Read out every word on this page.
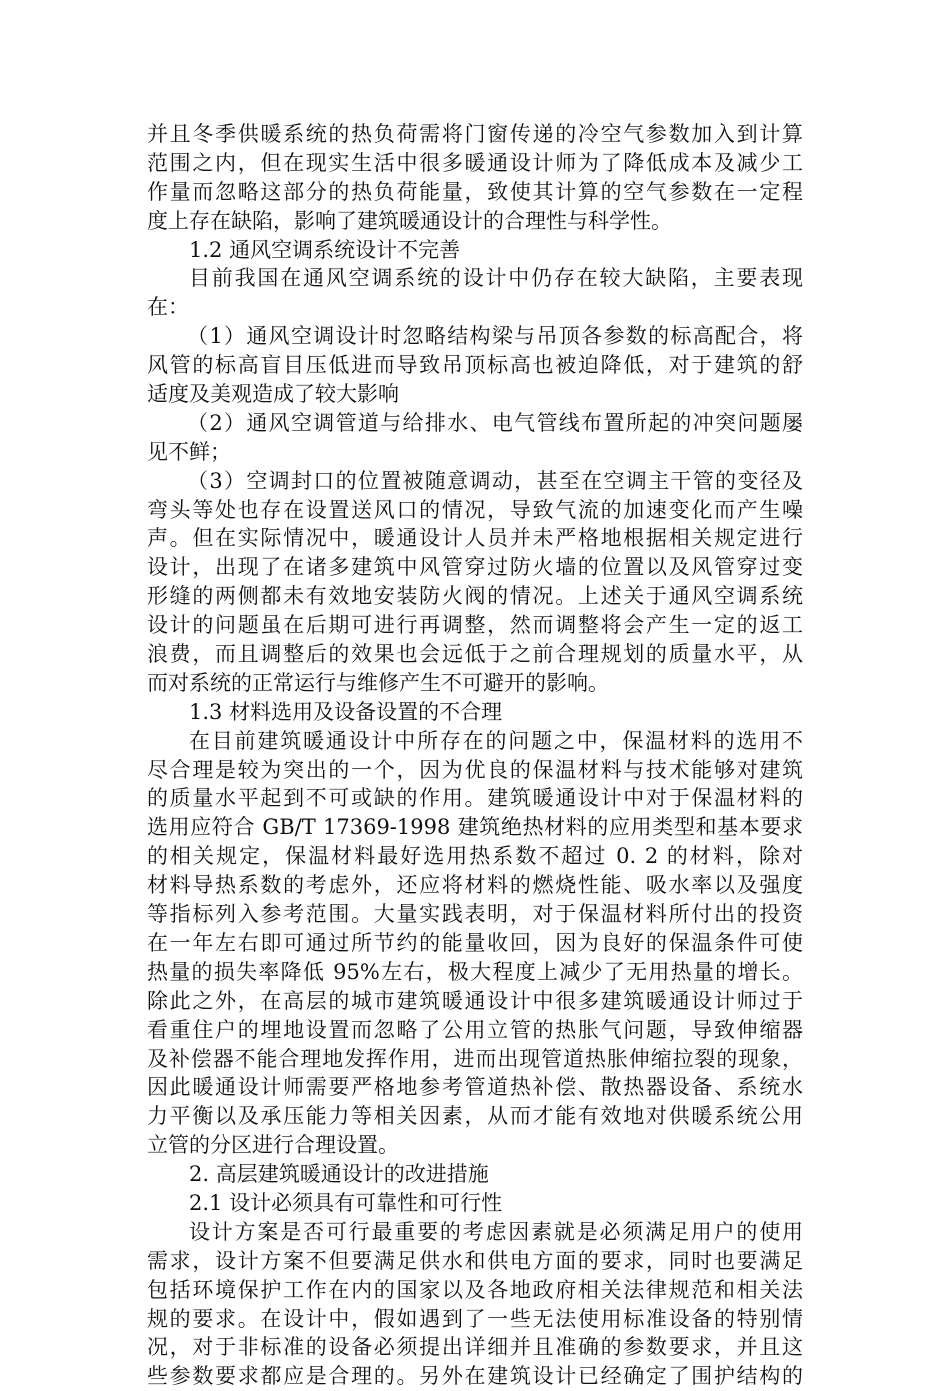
并且冬季供暖系统的热负荷需将门窗传递的冷空气参数加入到计算
范围之内，但在现实生活中很多暖通设计师为了降低成本及减少工
作量而忽略这部分的热负荷能量，致使其计算的空气参数在一定程
度上存在缺陷，影响了建筑暖通设计的合理性与科学性。
1.2 通风空调系统设计不完善
目前我国在通风空调系统的设计中仍存在较大缺陷，主要表现
在：
（1）通风空调设计时忽略结构梁与吊顶各参数的标高配合，将
风管的标高盲目压低进而导致吊顶标高也被迫降低，对于建筑的舒
适度及美观造成了较大影响
（2）通风空调管道与给排水、电气管线布置所起的冲突问题屡
见不鲜；
（3）空调封口的位置被随意调动，甚至在空调主干管的变径及
弯头等处也存在设置送风口的情况，导致气流的加速变化而产生噪
声。但在实际情况中，暖通设计人员并未严格地根据相关规定进行
设计，出现了在诸多建筑中风管穿过防火墙的位置以及风管穿过变
形缝的两侧都未有效地安装防火阀的情况。上述关于通风空调系统
设计的问题虽在后期可进行再调整，然而调整将会产生一定的返工
浪费，而且调整后的效果也会远低于之前合理规划的质量水平，从
而对系统的正常运行与维修产生不可避开的影响。
1.3 材料选用及设备设置的不合理
在目前建筑暖通设计中所存在的问题之中，保温材料的选用不
尽合理是较为突出的一个，因为优良的保温材料与技术能够对建筑
的质量水平起到不可或缺的作用。建筑暖通设计中对于保温材料的
选用应符合 GB/T 17369-1998 建筑绝热材料的应用类型和基本要求
的相关规定，保温材料最好选用热系数不超过 0. 2 的材料，除对
材料导热系数的考虑外，还应将材料的燃烧性能、吸水率以及强度
等指标列入参考范围。大量实践表明，对于保温材料所付出的投资
在一年左右即可通过所节约的能量收回，因为良好的保温条件可使
热量的损失率降低 95%左右，极大程度上减少了无用热量的增长。
除此之外，在高层的城市建筑暖通设计中很多建筑暖通设计师过于
看重住户的埋地设置而忽略了公用立管的热胀气问题，导致伸缩器
及补偿器不能合理地发挥作用，进而出现管道热胀伸缩拉裂的现象，
因此暖通设计师需要严格地参考管道热补偿、散热器设备、系统水
力平衡以及承压能力等相关因素，从而才能有效地对供暖系统公用
立管的分区进行合理设置。
2. 高层建筑暖通设计的改进措施
2.1 设计必须具有可靠性和可行性
设计方案是否可行最重要的考虑因素就是必须满足用户的使用
需求，设计方案不但要满足供水和供电方面的要求，同时也要满足
包括环境保护工作在内的国家以及各地政府相关法律规范和相关法
规的要求。在设计中，假如遇到了一些无法使用标准设备的特别情
况，对于非标准的设备必须提出详细并且准确的参数要求，并且这
些参数要求都应是合理的。另外在建筑设计已经确定了围护结构的
